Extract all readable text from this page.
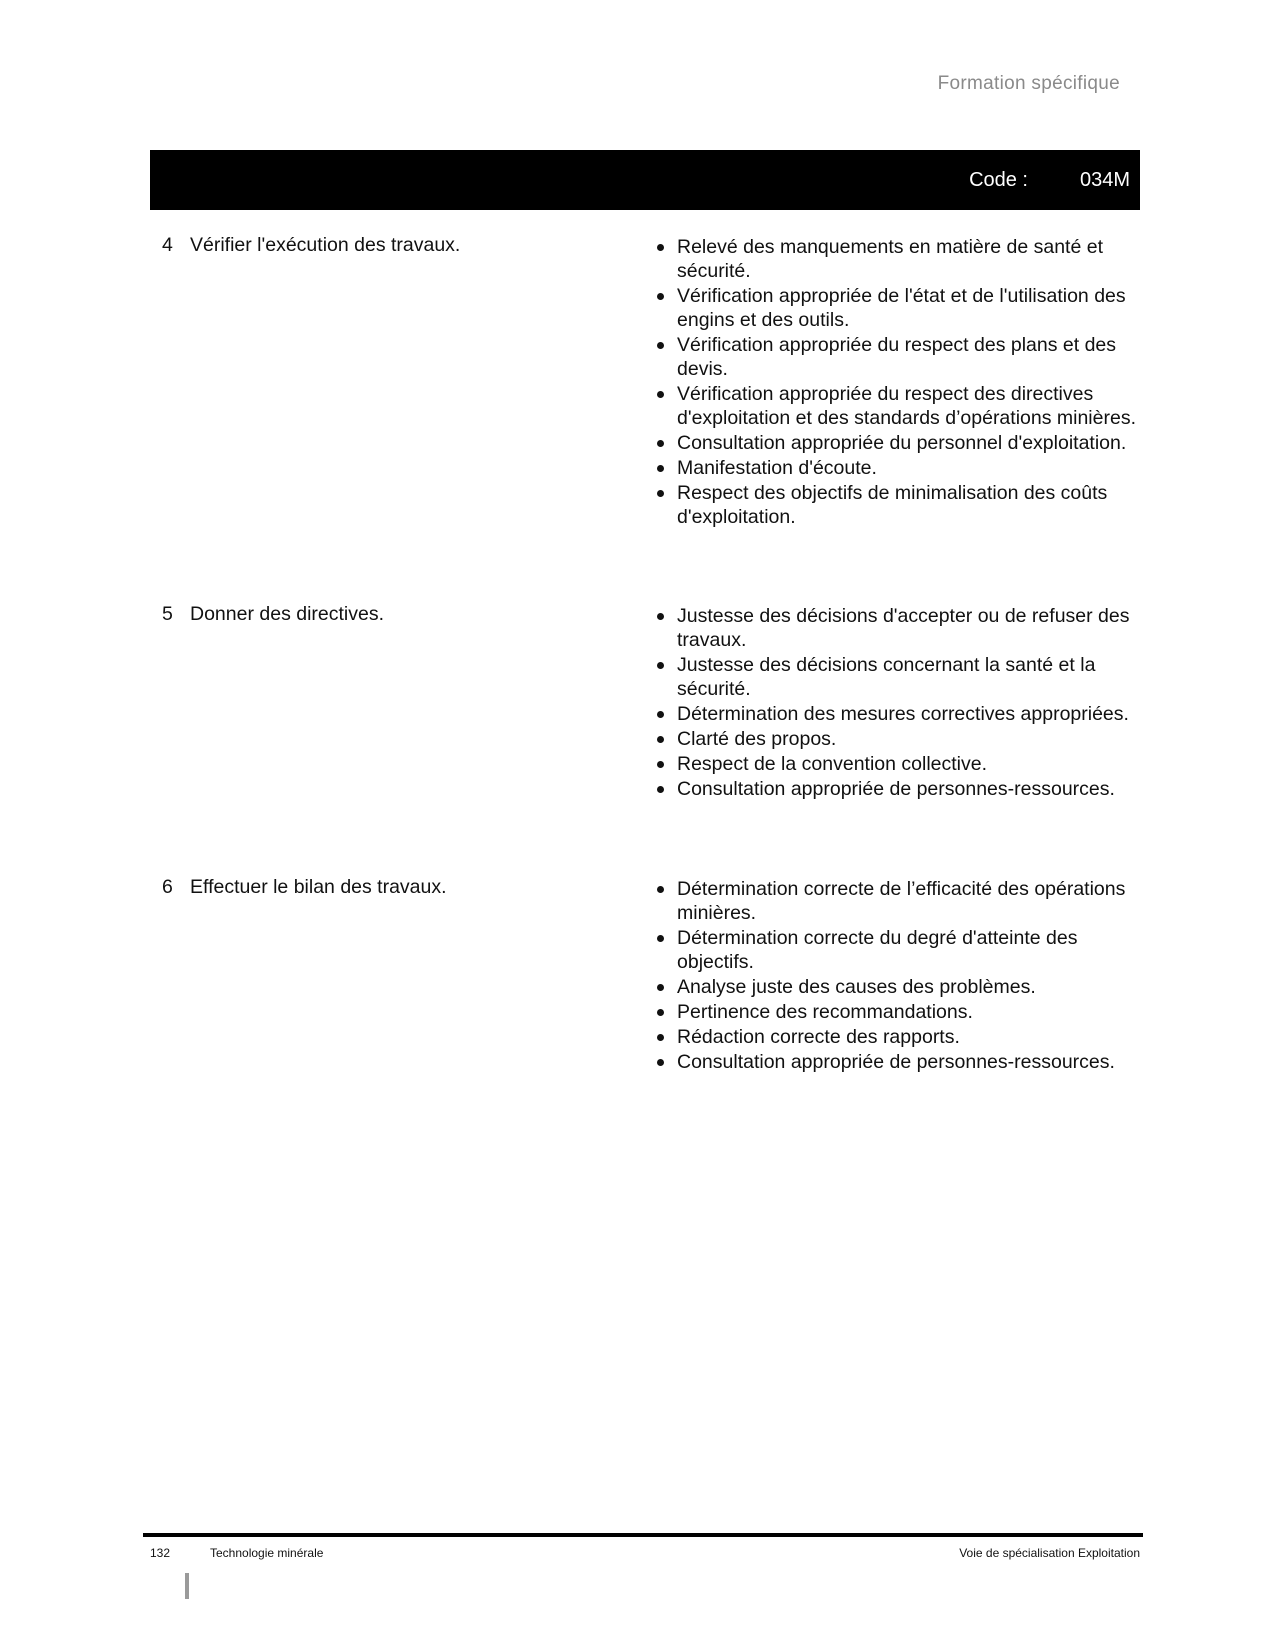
Formation spécifique
Code :	034M
4 Vérifier l'exécution des travaux.	Relevé des manquements en matière de santé et sécurité.
Vérification appropriée de l'état et de l'utilisation des engins et des outils.
Vérification appropriée du respect des plans et des devis.
Vérification appropriée du respect des directives d'exploitation et des standards d’opérations minières.
Consultation appropriée du personnel d'exploitation.
Manifestation d'écoute.
Respect des objectifs de minimalisation des coûts d'exploitation.
5 Donner des directives.	Justesse des décisions d'accepter ou de refuser des travaux.
Justesse des décisions concernant la santé et la sécurité.
Détermination des mesures correctives appropriées.
Clarté des propos.
Respect de la convention collective.
Consultation appropriée de personnes-ressources.
6 Effectuer le bilan des travaux.	Détermination correcte de l’efficacité des opérations minières.
Détermination correcte du degré d'atteinte des objectifs.
Analyse juste des causes des problèmes.
Pertinence des recommandations.
Rédaction correcte des rapports.
Consultation appropriée de personnes-ressources.
132	Technologie minérale	Voie de spécialisation Exploitation
